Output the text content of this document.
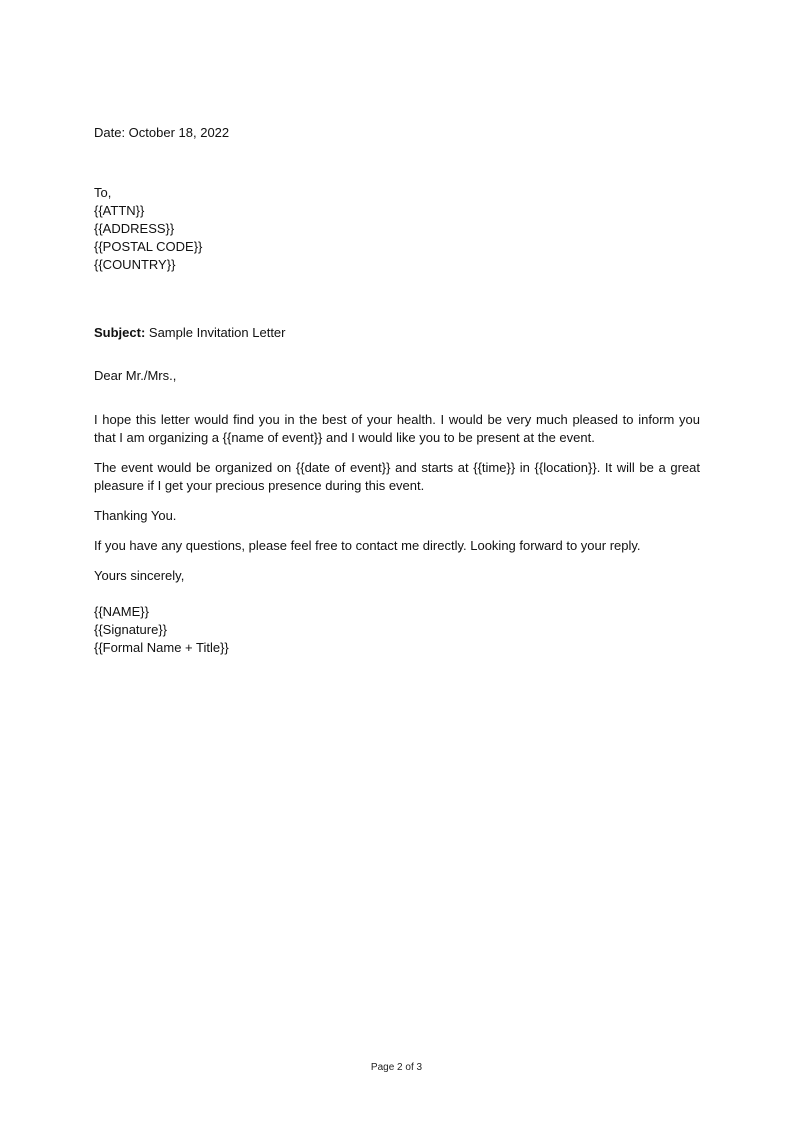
Date: October 18, 2022
To,
{{ATTN}}
{{ADDRESS}}
{{POSTAL CODE}}
{{COUNTRY}}
Subject: Sample Invitation Letter
Dear Mr./Mrs.,

I hope this letter would find you in the best of your health. I would be very much pleased to inform you that I am organizing a {{name of event}} and I would like you to be present at the event.

The event would be organized on {{date of event}} and starts at {{time}} in {{location}}. It will be a great pleasure if I get your precious presence during this event.

Thanking You.

If you have any questions, please feel free to contact me directly. Looking forward to your reply.

Yours sincerely,

{{NAME}}
{{Signature}}
{{Formal Name + Title}}
Page 2 of 3
